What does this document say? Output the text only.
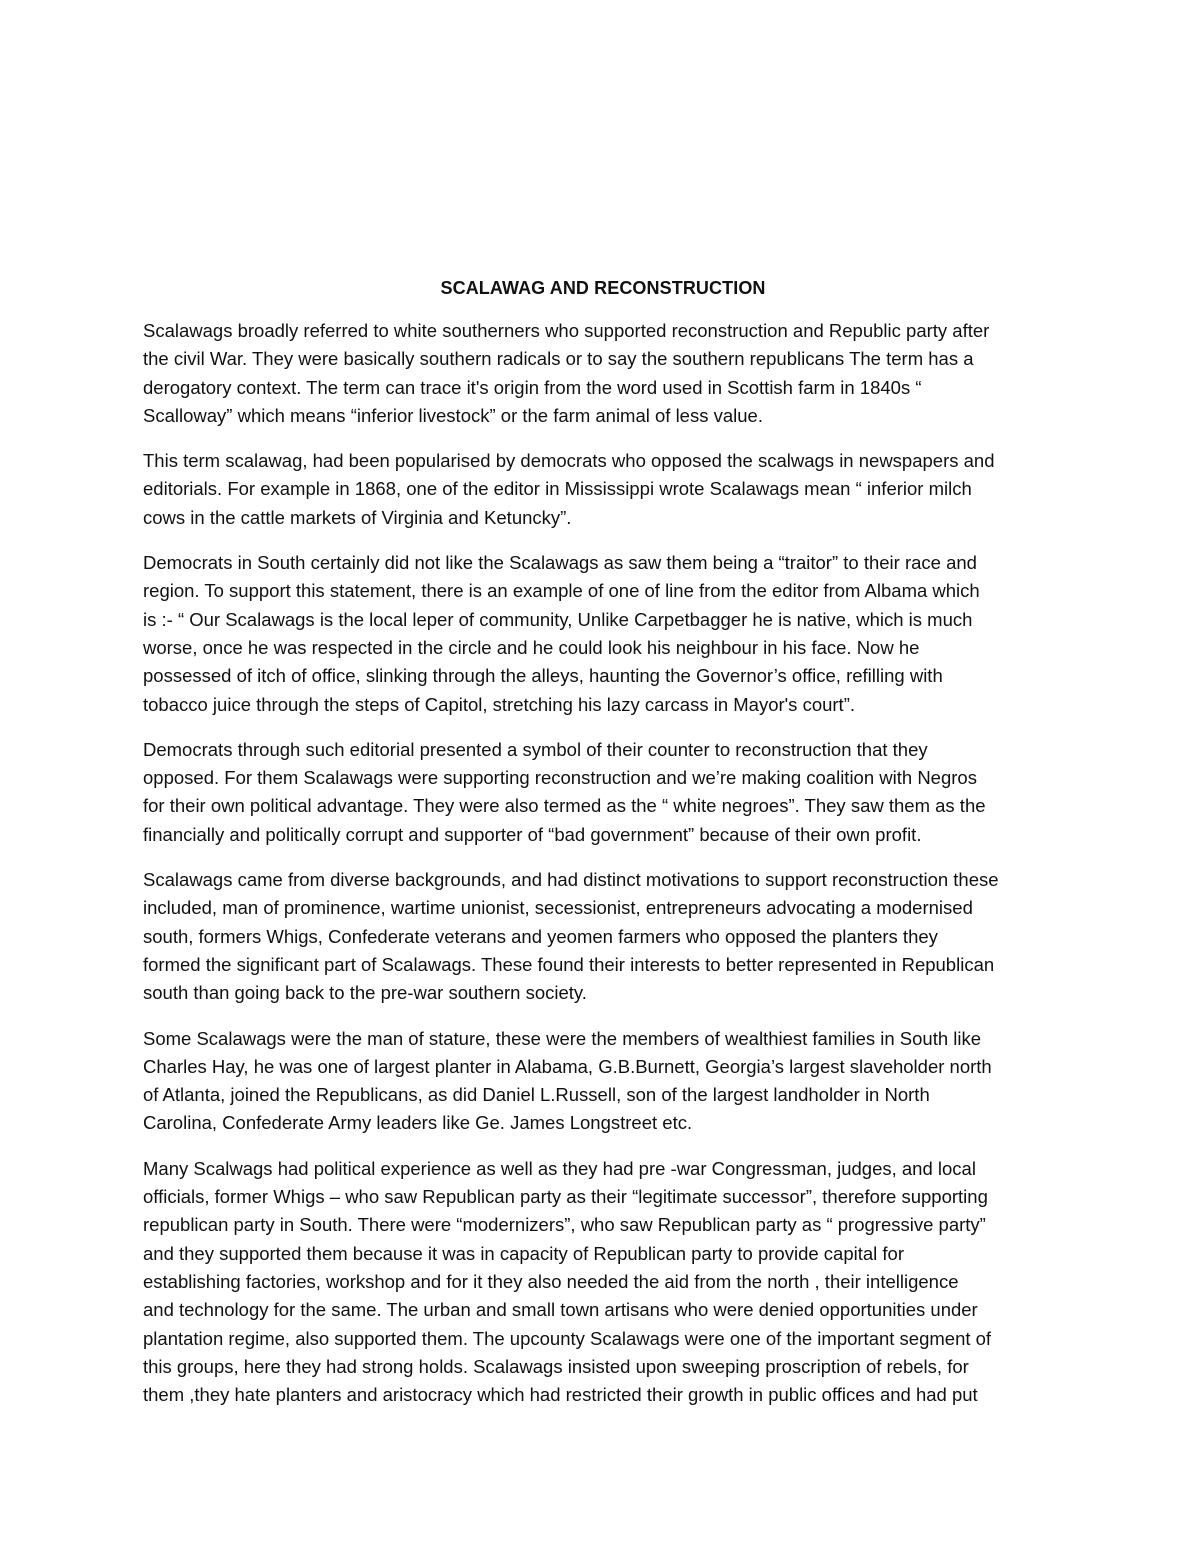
SCALAWAG AND RECONSTRUCTION
Scalawags broadly referred to white southerners who supported reconstruction and Republic party after
the civil War. They were basically southern radicals or to say the southern republicans The term has a
derogatory context. The term can trace it's origin from the word used in Scottish farm in 1840s “
Scalloway” which means “inferior livestock” or the farm animal of less value.
This term scalawag, had been popularised by democrats who opposed the scalwags in newspapers and
editorials. For example in 1868, one of the editor in Mississippi wrote Scalawags mean “ inferior milch
cows in the cattle markets of Virginia and Ketuncky”.
Democrats in South certainly did not like the Scalawags as saw them being a “traitor” to their race and
region. To support this statement, there is an example of one of line from the editor from Albama which
is :- “ Our Scalawags is the local leper of community, Unlike Carpetbagger he is native, which is much
worse, once he was respected in the circle and he could look his neighbour in his face. Now he
possessed of itch of office, slinking through the alleys, haunting the Governor’s office, refilling with
tobacco juice through the steps of Capitol, stretching his lazy carcass in Mayor's court”.
Democrats through such editorial presented a symbol of their counter to reconstruction that they
opposed. For them Scalawags were supporting reconstruction and we’re making coalition with Negros
for their own political advantage. They were also termed as the “ white negroes”. They saw them as the
financially and politically corrupt and supporter of “bad government” because of their own profit.
Scalawags came from diverse backgrounds, and had distinct motivations to support reconstruction these
included, man of prominence, wartime unionist, secessionist, entrepreneurs advocating a modernised
south, formers Whigs, Confederate veterans and yeomen farmers who opposed the planters they
formed the significant part of Scalawags. These found their interests to better represented in Republican
south than going back to the pre-war southern society.
Some Scalawags were the man of stature, these were the members of wealthiest families in South like
Charles Hay, he was one of largest planter in Alabama, G.B.Burnett, Georgia’s largest slaveholder north
of Atlanta, joined the Republicans, as did Daniel L.Russell, son of the largest landholder in North
Carolina, Confederate Army leaders like Ge. James Longstreet etc.
Many Scalwags had political experience as well as they had pre -war Congressman, judges, and local
officials, former Whigs – who saw Republican party as their “legitimate successor”, therefore supporting
republican party in South. There were “modernizers”, who saw Republican party as “ progressive party”
and they supported them because it was in capacity of Republican party to provide capital for
establishing factories, workshop and for it they also needed the aid from the north , their intelligence
and technology for the same. The urban and small town artisans who were denied opportunities under
plantation regime, also supported them. The upcounty Scalawags were one of the important segment of
this groups, here they had strong holds. Scalawags insisted upon sweeping proscription of rebels, for
them ,they hate planters and aristocracy which had restricted their growth in public offices and had put
